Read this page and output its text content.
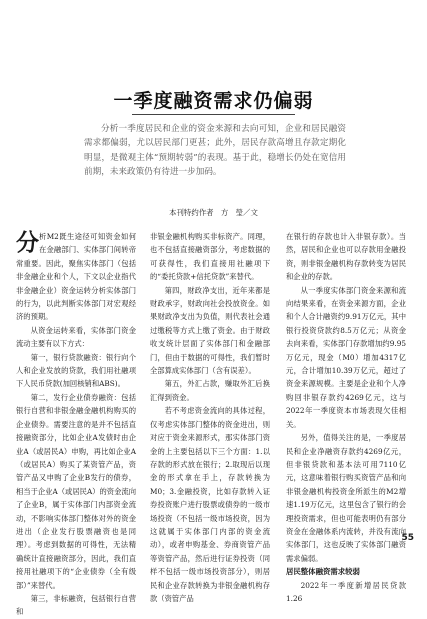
一季度融资需求仍偏弱
分析一季度居民和企业的资金来源和去向可知，企业和居民融资需求都偏弱，尤以居民部门更甚；此外，居民存款高增且存款定期化明显，是微观主体“预期转弱”的表现。基于此，稳增长仍处在宽信用前期，未来政策仍有待进一步加码。
本刊特约作者　方　瑩／文

分析M2既生途径可知资金如何在金融部门、实体部门间转帝常重要。因此，聚焦实体部门（包括非金融企业和个人，下文以企业指代非金融企业）资金运转分析实体部门的行为，以此判断实体部门对宏观经济的预期。

从资金运转来看，实体部门资金流动主要有以下方式：

第一，银行贷款融资：银行向个人和企业发放的贷款，我们用社融项下人民币贷款(加回核销和ABS)。

第二，发行企业债券融资：包括银行自营和非银金融金融机构购买的企业债券。需要注意的是并不包括直接融资部分，比如企业A发债时由企业A（或居民A）申购，再比如企业A（或居民A）购买了某资管产品，资管产品又申购了企业B发行的债券，相当于企业A（或居民A）的资金流向了企业B，属于实体部门内部资金流动，不影响实体部门整体对外的资金进出（企业发行股票融资也是同理）。考虑到数据的可得性，无法精确统计直接融资部分，因此，我们直接用社融项下的“企业债券（全有级部）”来替代。

第三，非标融资，包括银行自营和

非银金融机构购买非标资产。同理，也不包括直接融资部分，考虑数据的可获得性，我们直接用社融项下的“委托贷款+信托贷款”来替代。

第四，财政净支出，近年来都是财政承字，财政向社会投放资金。如果财政净支出为负值，则代表社会通过缴税等方式上缴了资金。由于财政收支统计层面了实体部门和金融部门，但由于数据的可得性，我们暂时全部算成实体部门（含有误差）。

第五，外汇占款，赚取外汇后换汇得到资金。

若不考虑资金流向的具体过程，仅考虑实体部门整体的资金进出，则对应于资金来源形式，那实体部门资金的上主要包括以下三个方面：1.以存款的形式放在银行；2.取现后以现金的形式拿在手上，存款转换为M0；3.金融投资，比如存款转入证券投资账户进行股票或债券的一级市场投资（不包括一级市场投资，因为这就属于实体部门内部的资金流动），或者申购基金、券商资管产品等资管产品，然后进行证券投资（同样不包括一级市场投资部分），则居民和企业存款转换为非银金融机构存款（资管产品

在银行的存款也计入非银存款）。当然，居民和企业也可以存款用金融投资，则非银金融机构存款转变为居民和企业的存款。

从一季度实体部门资金来源和流向结果来看，在资金来源方面，企业和个人合计融资约9.91万亿元，其中银行投资贷款约8.5万亿元；从资金去向来看，实体部门存款增加约9.95万亿元，现金（M0）增加4317亿元，合计增加10.39万亿元，超过了资金来源规模。主要是企业和个人净购回非银存款约4269亿元，这与2022年一季度资本市场表现欠佳相关。

另外，值得关注的是，一季度居民和企业净融资存款约4269亿元，但非银贷款和基本法可用7110亿元，这意味着银行购买资管产品和向非银金融机构投资金所派生的M2增速1.19万亿元，这里包含了银行的会理投资需求，但也可能表明仍有部分资金在金融体系内流转，并没有流向实体部门，这也反映了实体部门融资需求偏弱。

居民整体融资需求较弱

2022年一季度新增居民贷款1.26

55
